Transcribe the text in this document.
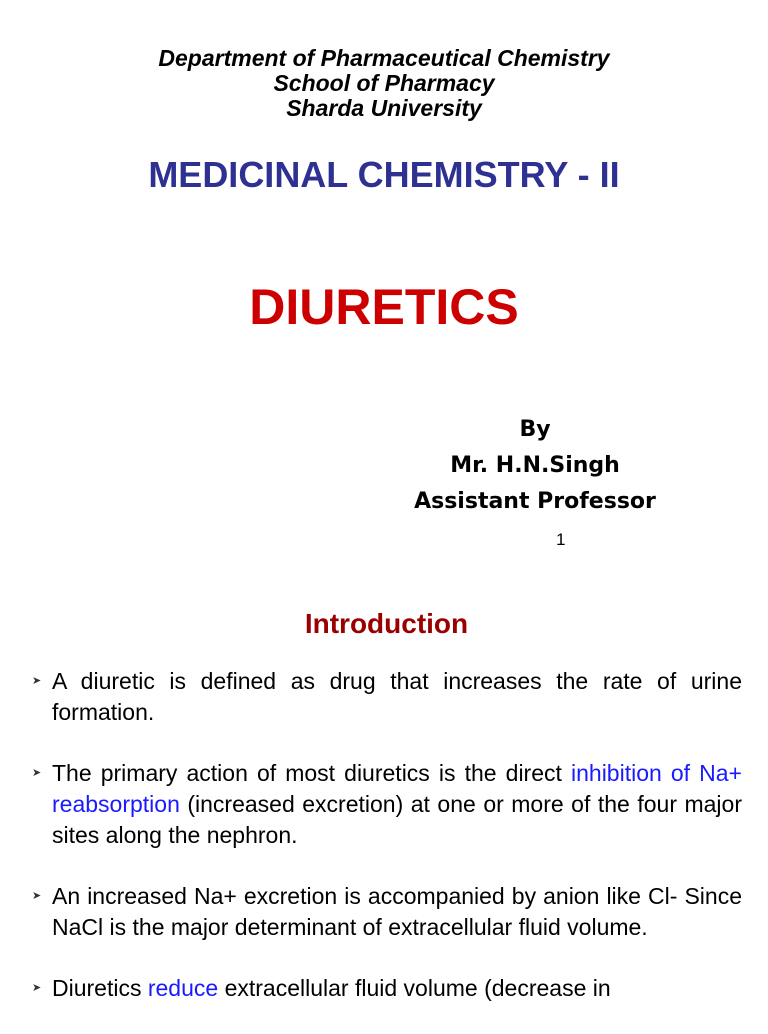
Department of Pharmaceutical Chemistry
School of Pharmacy
Sharda University
MEDICINAL CHEMISTRY - II
DIURETICS
By
Mr. H.N.Singh
Assistant Professor
1
Introduction
➤ A diuretic is defined as drug that increases the rate of urine formation.
➤ The primary action of most diuretics is the direct inhibition of Na+ reabsorption (increased excretion) at one or more of the four major sites along the nephron.
➤ An increased Na+ excretion is accompanied by anion like Cl- Since NaCl is the major determinant of extracellular fluid volume.
➤ Diuretics reduce extracellular fluid volume (decrease in
